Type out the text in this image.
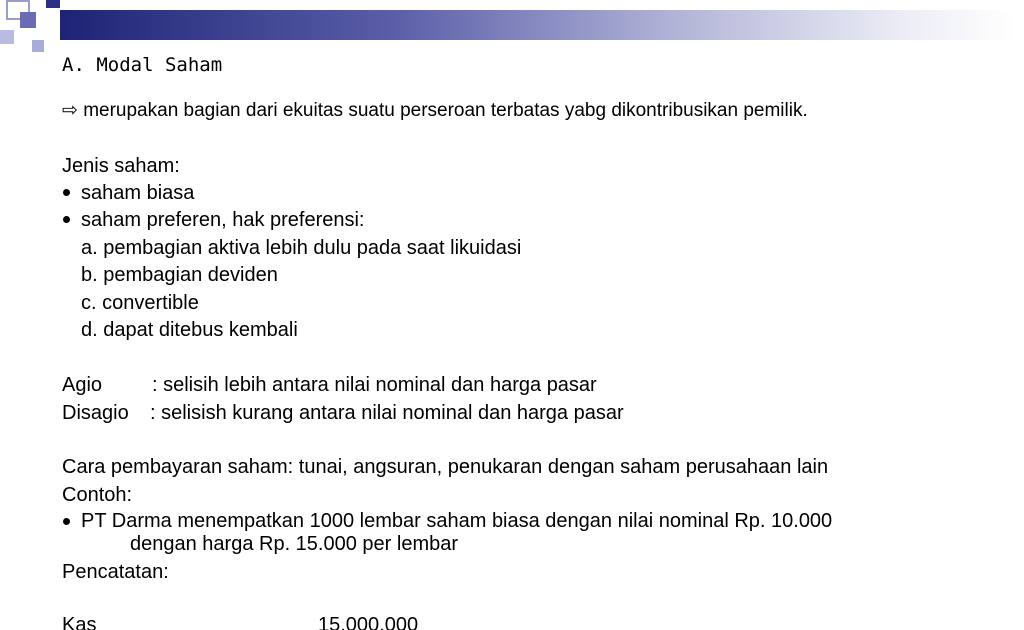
A. Modal Saham
⇨ merupakan bagian dari ekuitas suatu perseroan terbatas yabg dikontribusikan pemilik.
Jenis saham:
saham biasa
saham preferen, hak preferensi:
a. pembagian aktiva lebih dulu pada saat likuidasi
b. pembagian deviden
c. convertible
d. dapat ditebus kembali
Agio : selisih lebih antara nilai nominal dan harga pasar
Disagio : selisish kurang antara nilai nominal dan harga pasar
Cara pembayaran saham: tunai, angsuran, penukaran dengan saham perusahaan lain
Contoh:
PT Darma menempatkan 1000 lembar saham biasa dengan nilai nominal Rp. 10.000
dengan harga Rp. 15.000 per lembar
Pencatatan:
Kas	15.000.000
